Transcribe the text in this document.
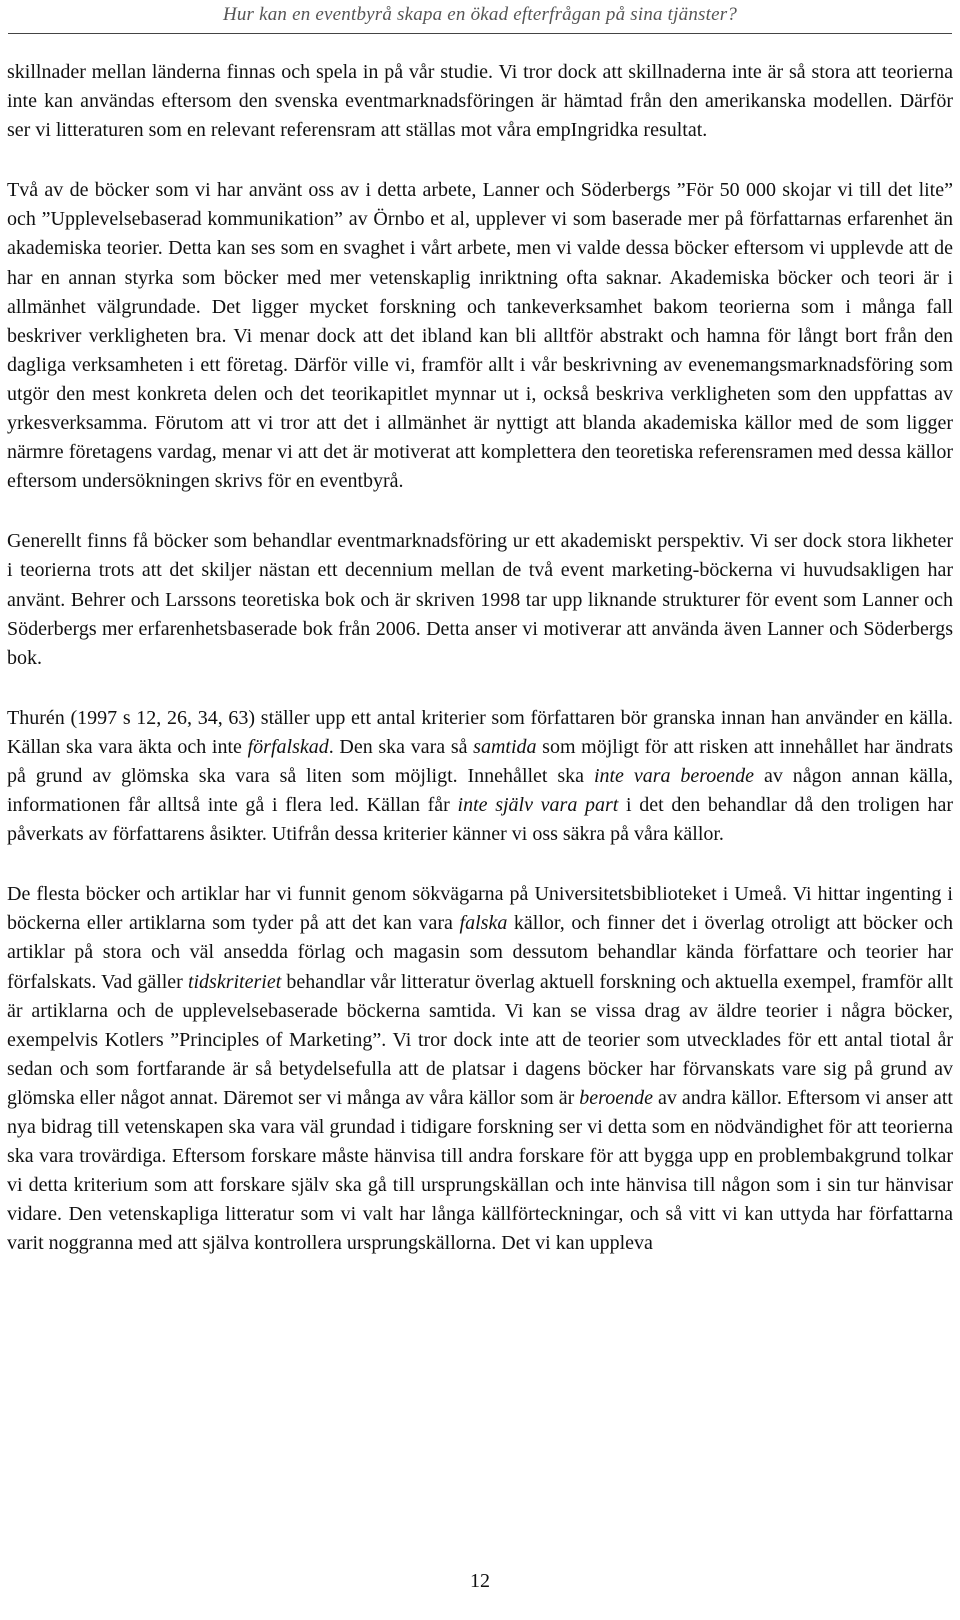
Hur kan en eventbyrå skapa en ökad efterfrågan på sina tjänster?

skillnader mellan länderna finnas och spela in på vår studie. Vi tror dock att skillnaderna inte är så stora att teorierna inte kan användas eftersom den svenska eventmarknadsföringen är hämtad från den amerikanska modellen. Därför ser vi litteraturen som en relevant referensram att ställas mot våra empIngridka resultat.

Två av de böcker som vi har använt oss av i detta arbete, Lanner och Söderbergs ”För 50 000 skojar vi till det lite” och ”Upplevelsebaserad kommunikation” av Örnbo et al, upplever vi som baserade mer på författarnas erfarenhet än akademiska teorier. Detta kan ses som en svaghet i vårt arbete, men vi valde dessa böcker eftersom vi upplevde att de har en annan styrka som böcker med mer vetenskaplig inriktning ofta saknar. Akademiska böcker och teori är i allmänhet välgrundade. Det ligger mycket forskning och tankeverksamhet bakom teorierna som i många fall beskriver verkligheten bra. Vi menar dock att det ibland kan bli alltför abstrakt och hamna för långt bort från den dagliga verksamheten i ett företag. Därför ville vi, framför allt i vår beskrivning av evenemangsmarknadsföring som utgör den mest konkreta delen och det teorikapitlet mynnar ut i, också beskriva verkligheten som den uppfattas av yrkesverksamma. Förutom att vi tror att det i allmänhet är nyttigt att blanda akademiska källor med de som ligger närmre företagens vardag, menar vi att det är motiverat att komplettera den teoretiska referensramen med dessa källor eftersom undersökningen skrivs för en eventbyrå.

Generellt finns få böcker som behandlar eventmarknadsföring ur ett akademiskt perspektiv. Vi ser dock stora likheter i teorierna trots att det skiljer nästan ett decennium mellan de två event marketing-böckerna vi huvudsakligen har använt. Behrer och Larssons teoretiska bok och är skriven 1998 tar upp liknande strukturer för event som Lanner och Söderbergs mer erfarenhetsbaserade bok från 2006. Detta anser vi motiverar att använda även Lanner och Söderbergs bok.

Thurén (1997 s 12, 26, 34, 63) ställer upp ett antal kriterier som författaren bör granska innan han använder en källa. Källan ska vara äkta och inte förfalskad. Den ska vara så samtida som möjligt för att risken att innehållet har ändrats på grund av glömska ska vara så liten som möjligt. Innehållet ska inte vara beroende av någon annan källa, informationen får alltså inte gå i flera led. Källan får inte själv vara part i det den behandlar då den troligen har påverkats av författarens åsikter. Utifrån dessa kriterier känner vi oss säkra på våra källor.

De flesta böcker och artiklar har vi funnit genom sökvägarna på Universitetsbiblioteket i Umeå. Vi hittar ingenting i böckerna eller artiklarna som tyder på att det kan vara falska källor, och finner det i överlag otroligt att böcker och artiklar på stora och väl ansedda förlag och magasin som dessutom behandlar kända författare och teorier har förfalskats. Vad gäller tidskriteriet behandlar vår litteratur överlag aktuell forskning och aktuella exempel, framför allt är artiklarna och de upplevelsebaserade böckerna samtida. Vi kan se vissa drag av äldre teorier i några böcker, exempelvis Kotlers ”Principles of Marketing”. Vi tror dock inte att de teorier som utvecklades för ett antal tiotal år sedan och som fortfarande är så betydelsefulla att de platsar i dagens böcker har förvanskats vare sig på grund av glömska eller något annat. Däremot ser vi många av våra källor som är beroende av andra källor. Eftersom vi anser att nya bidrag till vetenskapen ska vara väl grundad i tidigare forskning ser vi detta som en nödvändighet för att teorierna ska vara trovärdiga. Eftersom forskare måste hänvisa till andra forskare för att bygga upp en problembakgrund tolkar vi detta kriterium som att forskare själv ska gå till ursprungskällan och inte hänvisa till någon som i sin tur hänvisar vidare. Den vetenskapliga litteratur som vi valt har långa källförteckningar, och så vitt vi kan uttyda har författarna varit noggranna med att själva kontrollera ursprungskällorna. Det vi kan uppleva

12
